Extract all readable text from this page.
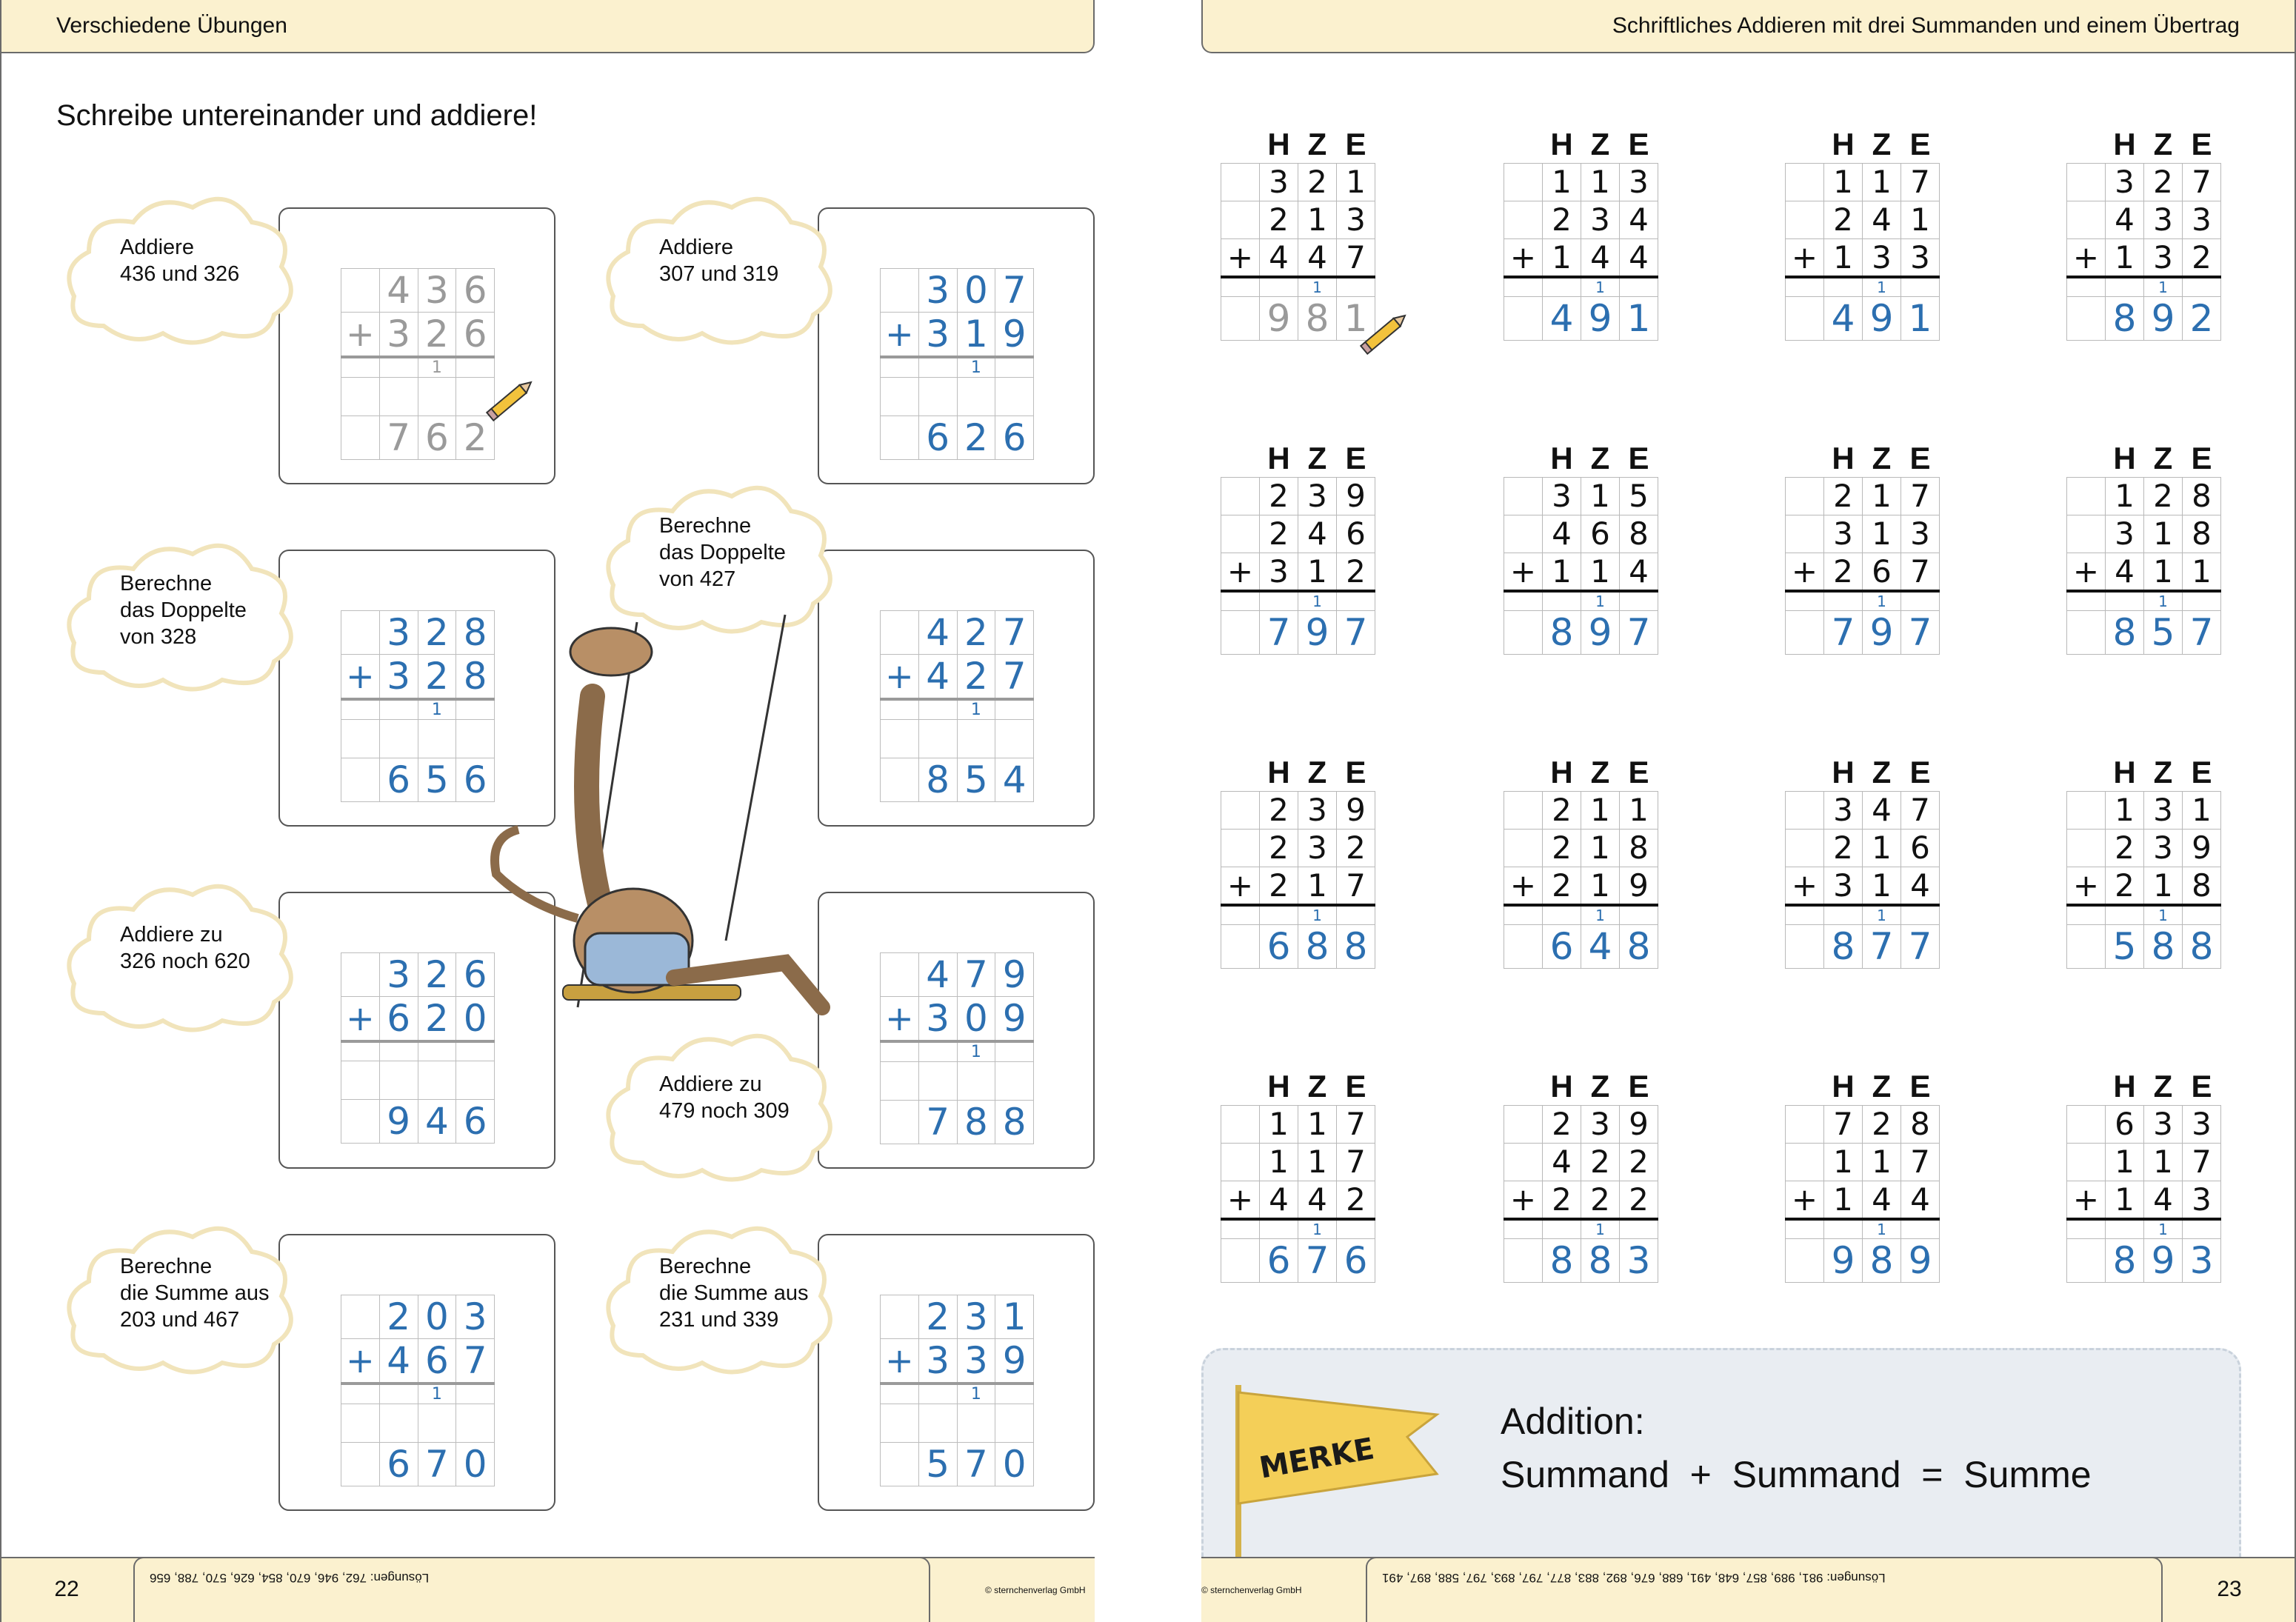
Verschiedene Übungen	Schriftliches Addieren mit drei Summanden und einem Übertrag
Schreibe untereinander und addiere!
	4	3	6
+	3	2	6
		1	

	7	6	2
Addiere
436 und 326
		3	0	7
+	3	1	9
		1	

	6	2	6
Addiere
307 und 319
	3	2	8
+	3	2	8
		1	

	6	5	6
Berechne
das Doppelte
von 328
		4	2	7
+	4	2	7
		1	

	8	5	4
Berechne
das Doppelte
von 427
	3	2	6
+	6	2	0

	9	4	6
Addiere zu
326 noch 620
		4	7	9
+	3	0	9
		1	

	7	8	8
Addiere zu
479 noch 309
	2	0	3
+	4	6	7
		1	

	6	7	0
Berechne
die Summe aus
203 und 467
		2	3	1
+	3	3	9
		1	

	5	7	0
Berechne
die Summe aus
231 und 339
	H	Z	E
	3	2	1
	2	1	3
+	4	4	7
		1	
	9	8	1
	H	Z	E
	1	1	3
	2	3	4
+	1	4	4
		1	
	4	9	1
	H	Z	E
	1	1	7
	2	4	1
+	1	3	3
		1	
	4	9	1
	H	Z	E
	3	2	7
	4	3	3
+	1	3	2
		1	
	8	9	2
	H	Z	E
	2	3	9
	2	4	6
+	3	1	2
		1	
	7	9	7
	H	Z	E
	3	1	5
	4	6	8
+	1	1	4
		1	
	8	9	7
	H	Z	E
	2	1	7
	3	1	3
+	2	6	7
		1	
	7	9	7
	H	Z	E
	1	2	8
	3	1	8
+	4	1	1
		1	
	8	5	7
	H	Z	E
	2	3	9
	2	3	2
+	2	1	7
		1	
	6	8	8
	H	Z	E
	2	1	1
	2	1	8
+	2	1	9
		1	
	6	4	8
	H	Z	E
	3	4	7
	2	1	6
+	3	1	4
		1	
	8	7	7
	H	Z	E
	1	3	1
	2	3	9
+	2	1	8
		1	
	5	8	8
	H	Z	E
	1	1	7
	1	1	7
+	4	4	2
		1	
	6	7	6
	H	Z	E
	2	3	9
	4	2	2
+	2	2	2
		1	
	8	8	3
	H	Z	E
	7	2	8
	1	1	7
+	1	4	4
		1	
	9	8	9
	H	Z	E
	6	3	3
	1	1	7
+	1	4	3
		1	
	8	9	3
MERKE
Addition:
Summand  +  Summand  =  Summe
Lösungen: 762, 946, 670, 854, 626, 570, 788, 656	Lösungen: 981, 989, 857, 648, 491, 688, 676, 892, 883, 877, 797, 893, 797, 588, 897, 491
© sternchenverlag GmbH	© sternchenverlag GmbH
22	23
